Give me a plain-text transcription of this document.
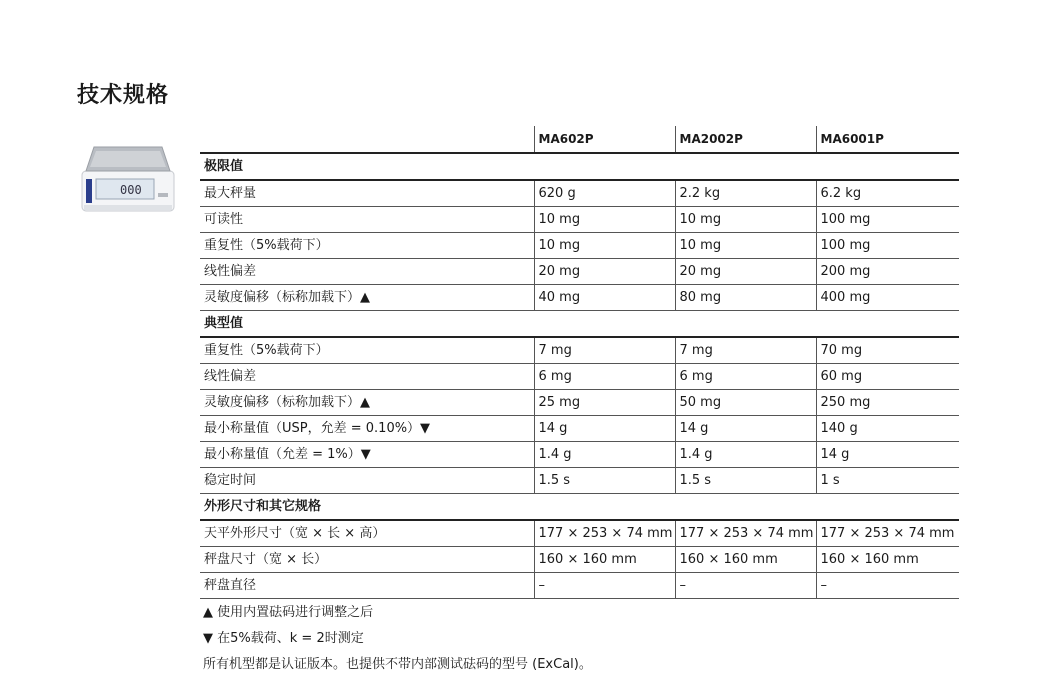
技术规格
000
	MA602P	MA2002P	MA6001P
极限值			
最大秤量	620 g	2.2 kg	6.2 kg
可读性	10 mg	10 mg	100 mg
重复性（5%载荷下）	10 mg	10 mg	100 mg
线性偏差	20 mg	20 mg	200 mg
灵敏度偏移（标称加载下）▲	40 mg	80 mg	400 mg
典型值			
重复性（5%载荷下）	7 mg	7 mg	70 mg
线性偏差	6 mg	6 mg	60 mg
灵敏度偏移（标称加载下）▲	25 mg	50 mg	250 mg
最小称量值（USP，允差 = 0.10%）▼	14 g	14 g	140 g
最小称量值（允差 = 1%）▼	1.4 g	1.4 g	14 g
稳定时间	1.5 s	1.5 s	1 s
外形尺寸和其它规格			
天平外形尺寸（宽 × 长 × 高）	177 × 253 × 74 mm	177 × 253 × 74 mm	177 × 253 × 74 mm
秤盘尺寸（宽 × 长）	160 × 160 mm	160 × 160 mm	160 × 160 mm
秤盘直径	–	–	–
▲ 使用内置砝码进行调整之后
▼ 在5%载荷、k = 2时测定
所有机型都是认证版本。也提供不带内部测试砝码的型号 (ExCal)。
